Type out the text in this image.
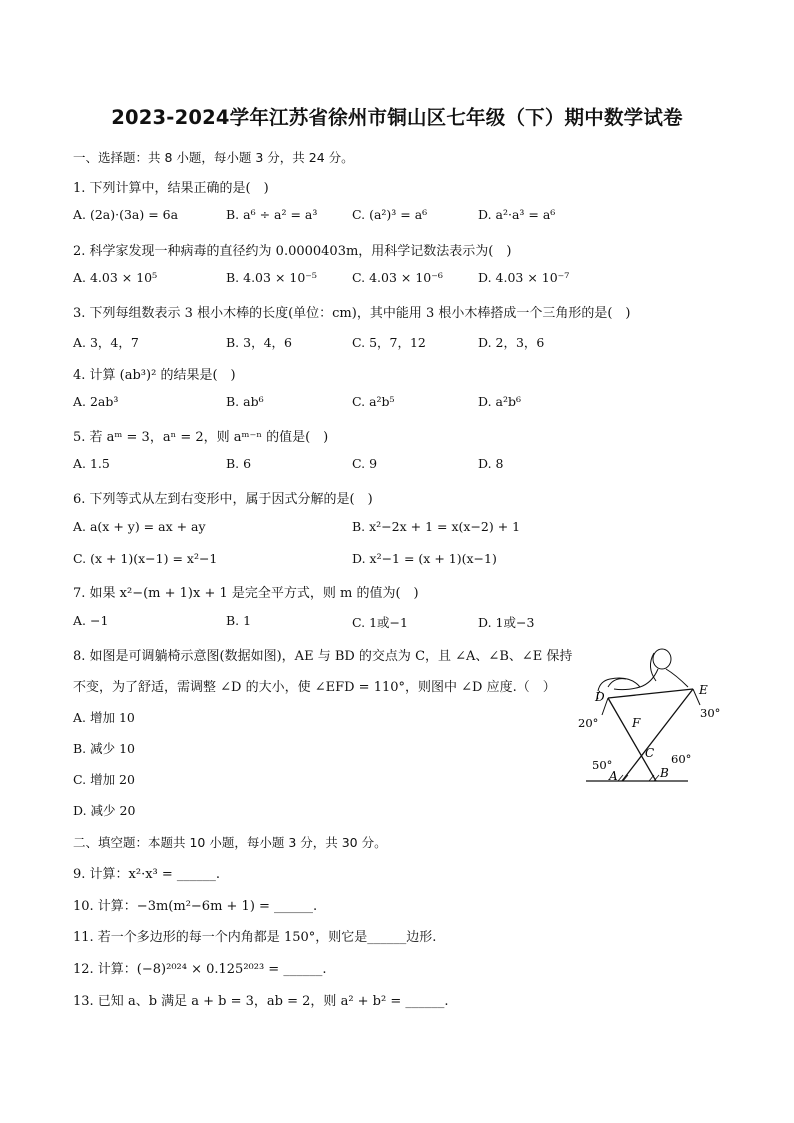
2023-2024学年江苏省徐州市铜山区七年级（下）期中数学试卷
一、选择题：共 8 小题，每小题 3 分，共 24 分。
1. 下列计算中，结果正确的是(　)
A. (2a)·(3a) = 6a	B. a⁶ ÷ a² = a³	C. (a²)³ = a⁶	D. a²·a³ = a⁶
2. 科学家发现一种病毒的直径约为 0.0000403m，用科学记数法表示为(　)
A. 4.03 × 10⁵	B. 4.03 × 10⁻⁵	C. 4.03 × 10⁻⁶	D. 4.03 × 10⁻⁷
3. 下列每组数表示 3 根小木棒的长度(单位：cm)，其中能用 3 根小木棒搭成一个三角形的是(　)
A. 3，4，7	B. 3，4，6	C. 5，7，12	D. 2，3，6
4. 计算 (ab³)² 的结果是(　)
A. 2ab³	B. ab⁶	C. a²b⁵	D. a²b⁶
5. 若 aᵐ = 3，aⁿ = 2，则 aᵐ⁻ⁿ 的值是(　)
A. 1.5	B. 6	C. 9	D. 8
6. 下列等式从左到右变形中，属于因式分解的是(　)
A. a(x + y) = ax + ay	B. x²−2x + 1 = x(x−2) + 1
C. (x + 1)(x−1) = x²−1	D. x²−1 = (x + 1)(x−1)
7. 如果 x²−(m + 1)x + 1 是完全平方式，则 m 的值为(　)
A. −1	B. 1	C. 1或−1	D. 1或−3
8. 如图是可调躺椅示意图(数据如图)，AE 与 BD 的交点为 C，且 ∠A、∠B、∠E 保持
不变，为了舒适，需调整 ∠D 的大小，使 ∠EFD = 110°，则图中 ∠D 应度.（　）
A. 增加 10
B. 减少 10
C. 增加 20
D. 减少 20
E
D
F
C
A	B
20°
30°
50°	60°
二、填空题：本题共 10 小题，每小题 3 分，共 30 分。
9. 计算：x²·x³ = ______.
10. 计算：−3m(m²−6m + 1) = ______.
11. 若一个多边形的每一个内角都是 150°，则它是______边形.
12. 计算：(−8)²⁰²⁴ × 0.125²⁰²³ = ______.
13. 已知 a、b 满足 a + b = 3，ab = 2，则 a² + b² = ______.
